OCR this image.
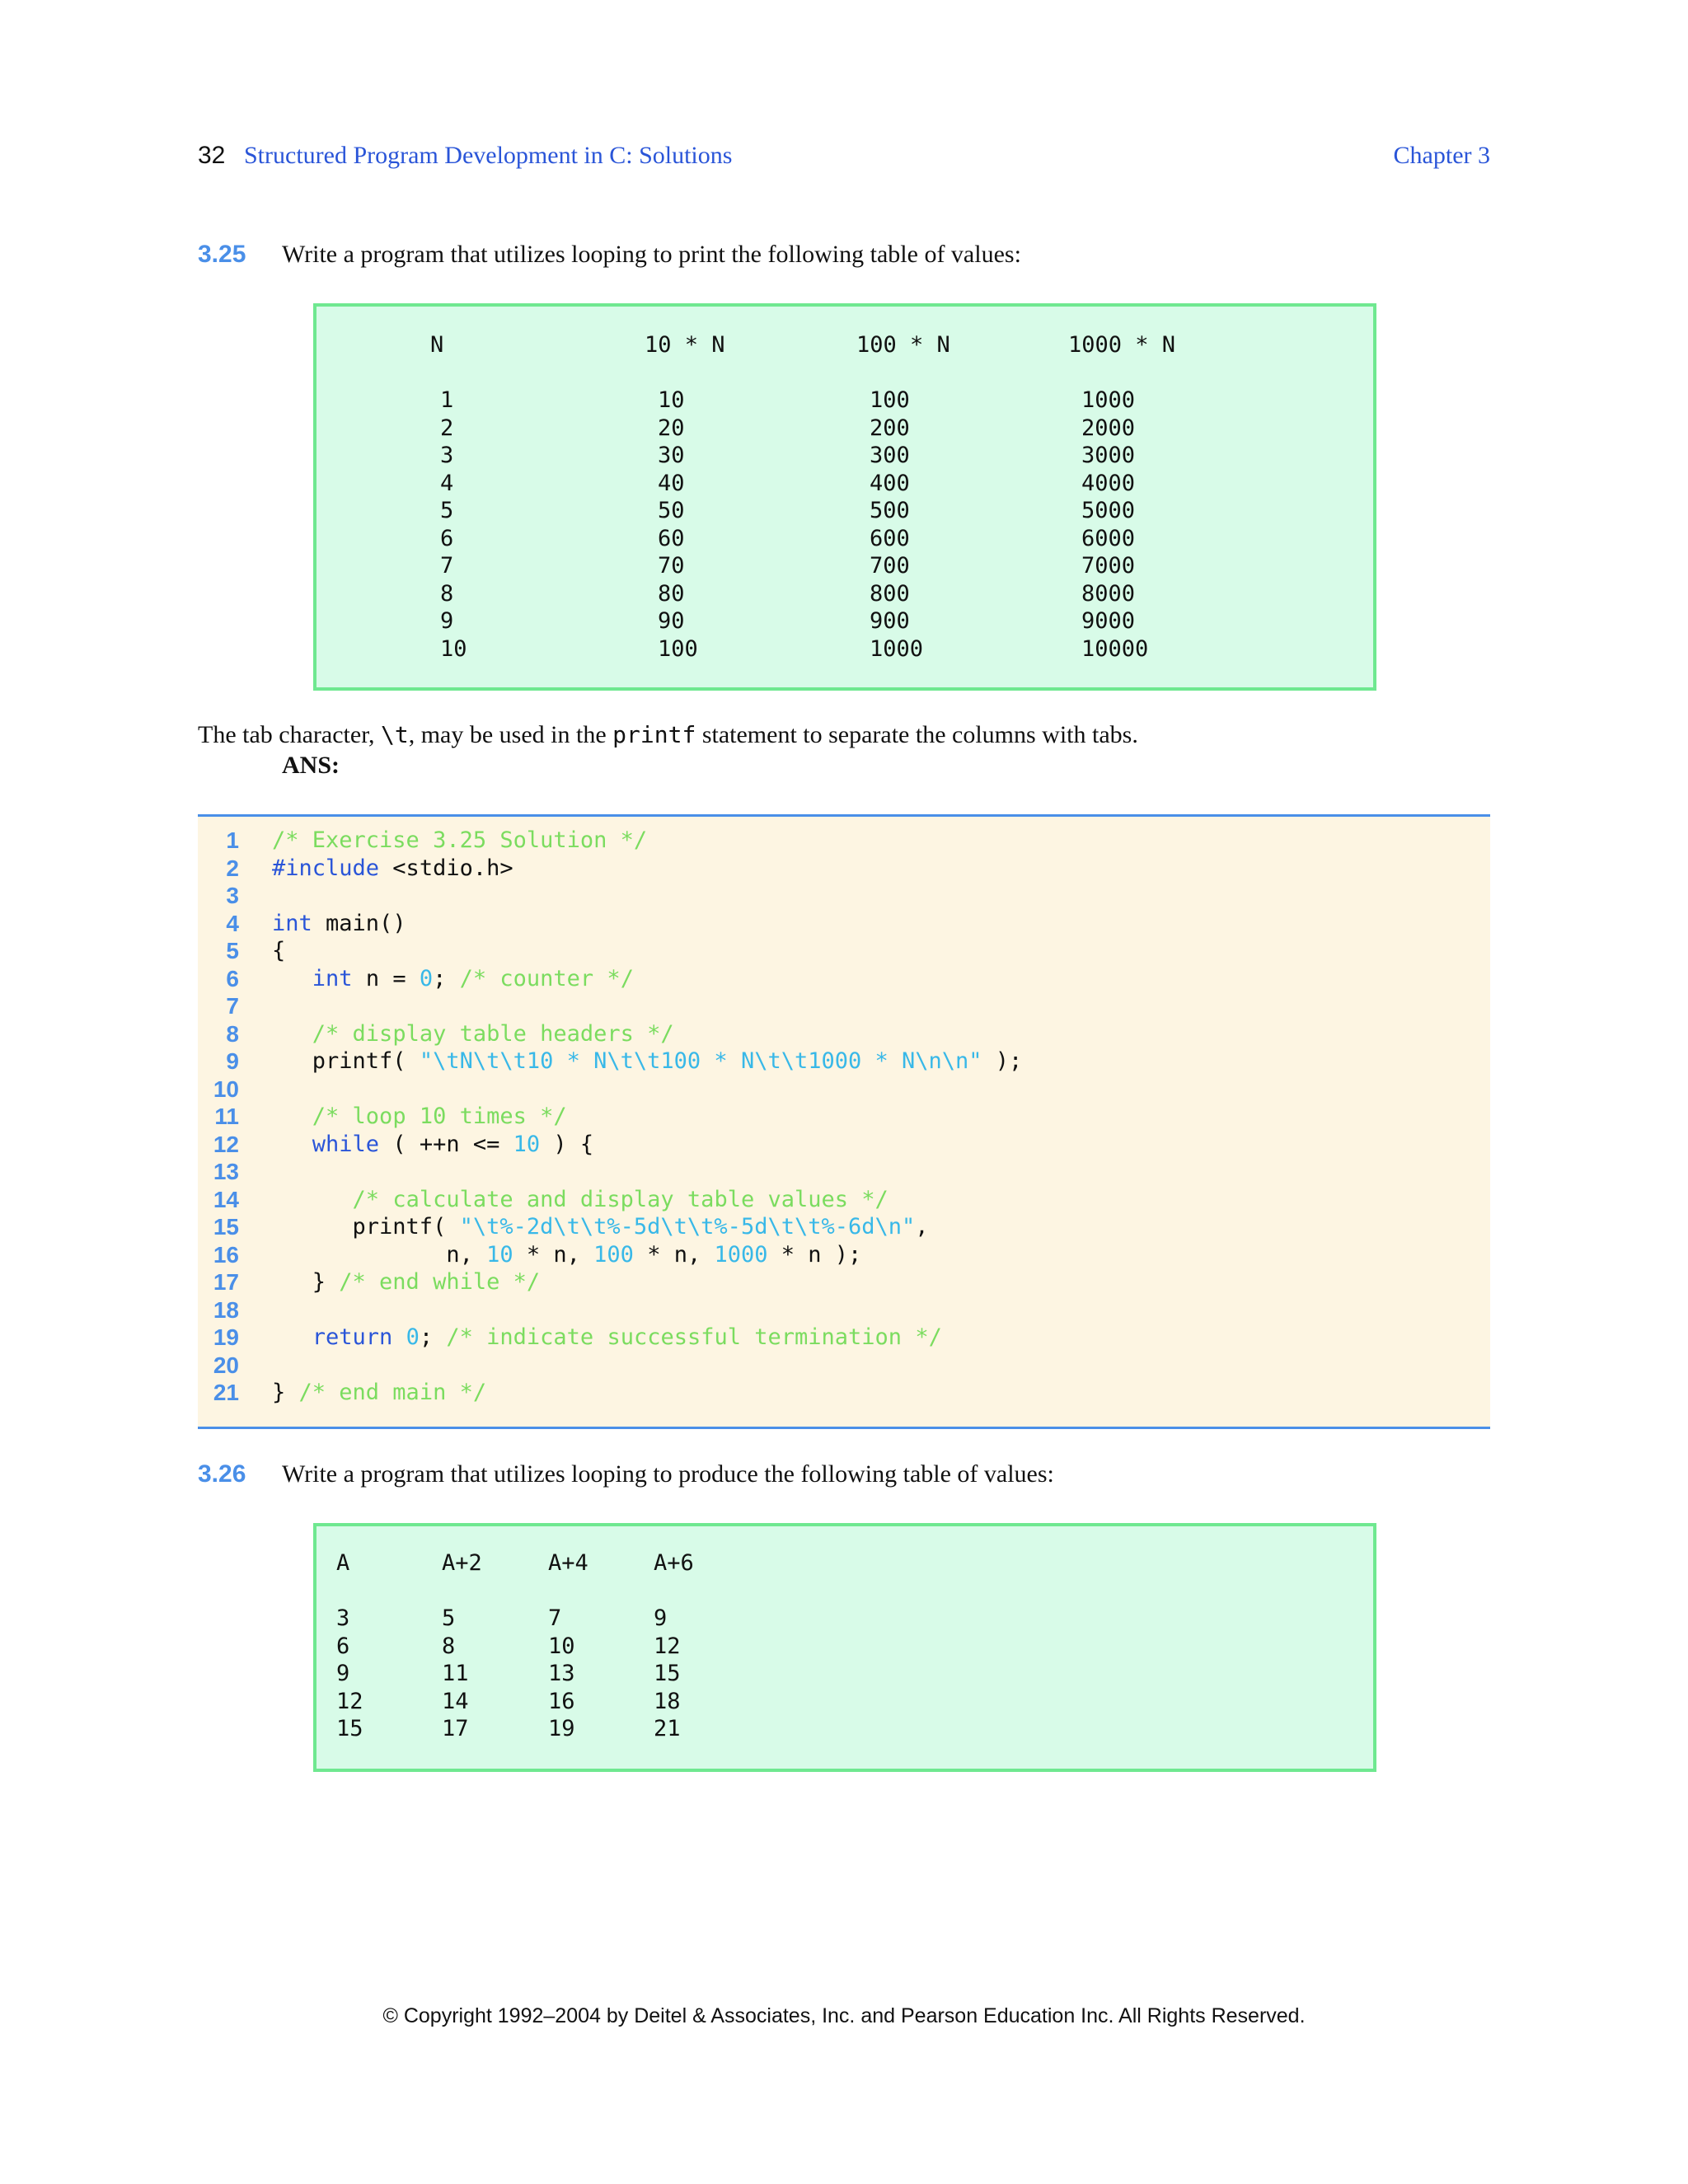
32 Structured Program Development in C: Solutions	Chapter 3
3.25 Write a program that utilizes looping to print the following table of values:
N	10 * N	100 * N	1000 * N
1	10	100	1000
2	20	200	2000
3	30	300	3000
4	40	400	4000
5	50	500	5000
6	60	600	6000
7	70	700	7000
8	80	800	8000
9	90	900	9000
10	100	1000	10000
The tab character, \t, may be used in the printf statement to separate the columns with tabs.
ANS:
1 /* Exercise 3.25 Solution */
2 #include <stdio.h>
3
4 int main()
5 {
6	int n = 0; /* counter */
7
8	/* display table headers */
9 printf( "\tN\t\t10 * N\t\t100 * N\t\t1000 * N\n\n" );
10
11	/* loop 10 times */
12	while ( ++n <= 10 ) {
13
14	/* calculate and display table values */
15 printf( "\t%-2d\t\t%-5d\t\t%-5d\t\t%-6d\n",
16 n, 10 * n, 100 * n, 1000 * n );
17 } /* end while */
18
19	return 0; /* indicate successful termination */
20
21 } /* end main */
3.26 Write a program that utilizes looping to produce the following table of values:
A	A+2	A+4	A+6
3	5	7	9
6	8	10	12
9	11	13	15
12	14	16	18
15	17	19	21
© Copyright 1992–2004 by Deitel & Associates, Inc. and Pearson Education Inc. All Rights Reserved.
